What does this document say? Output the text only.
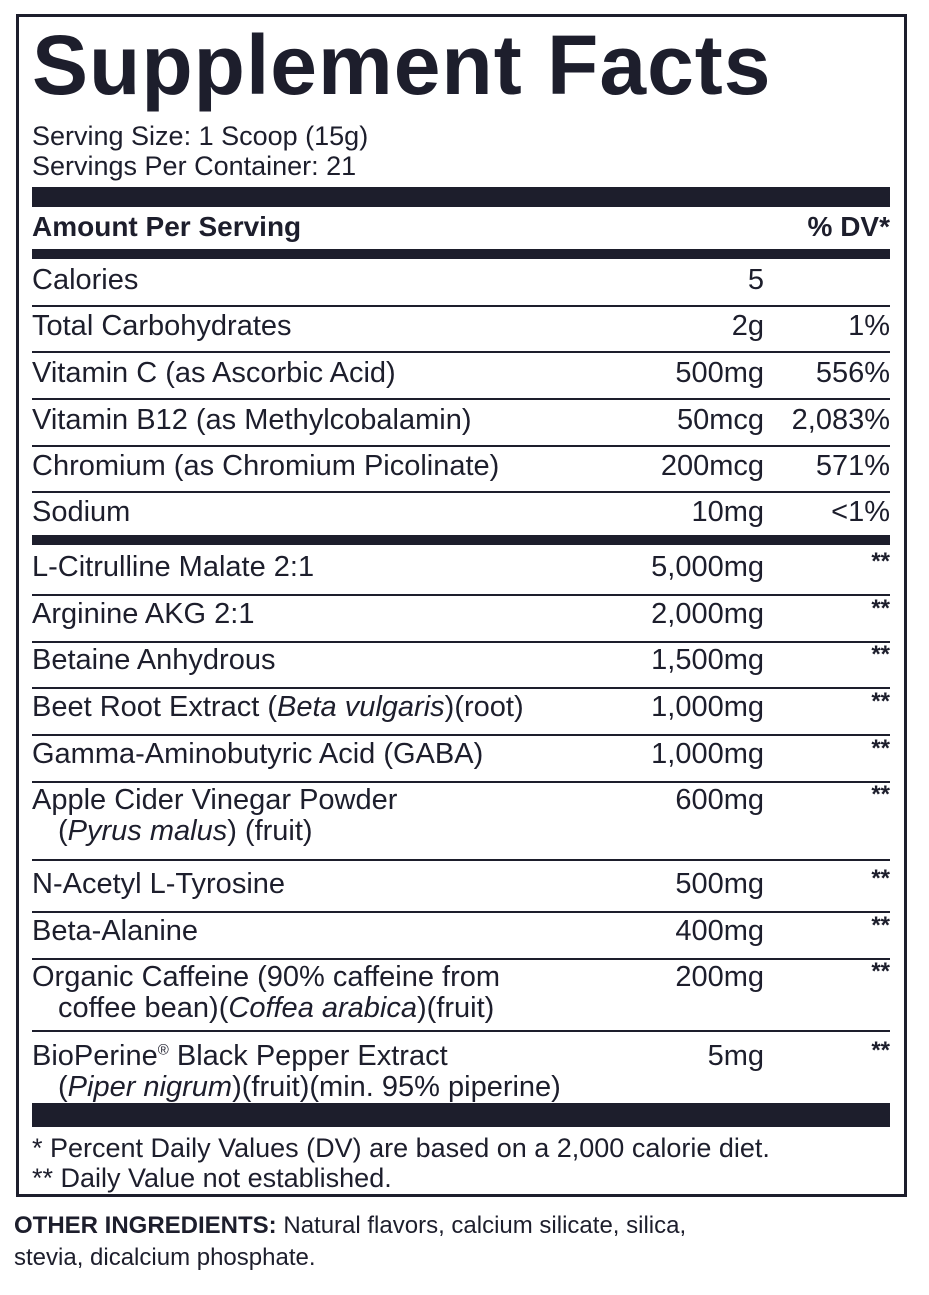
Supplement Facts
Serving Size: 1 Scoop (15g)
Servings Per Container: 21
Amount Per Serving	% DV*
Calories	5
Total Carbohydrates	2g	1%
Vitamin C (as Ascorbic Acid)	500mg 556%
Vitamin B12 (as Methylcobalamin)	50mcg 2,083%
Chromium (as Chromium Picolinate)	200mcg 571%
Sodium	10mg <1%
L-Citrulline Malate 2:1	5,000mg	**
Arginine AKG 2:1	2,000mg	**
Betaine Anhydrous	1,500mg	**
Beet Root Extract (Beta vulgaris)(root)	1,000mg	**
Gamma-Aminobutyric Acid (GABA)	1,000mg	**
Apple Cider Vinegar Powder
(Pyrus malus) (fruit)
600mg	**
N-Acetyl L-Tyrosine	500mg	**
Beta-Alanine	400mg	**
Organic Caffeine (90% caffeine from
coffee bean)(Coffea arabica)(fruit)
200mg	**
BioPerine® Black Pepper Extract
(Piper nigrum)(fruit)(min. 95% piperine)
5mg	**
* Percent Daily Values (DV) are based on a 2,000 calorie diet.
** Daily Value not established.
OTHER INGREDIENTS: Natural flavors, calcium silicate, silica,
stevia, dicalcium phosphate.
